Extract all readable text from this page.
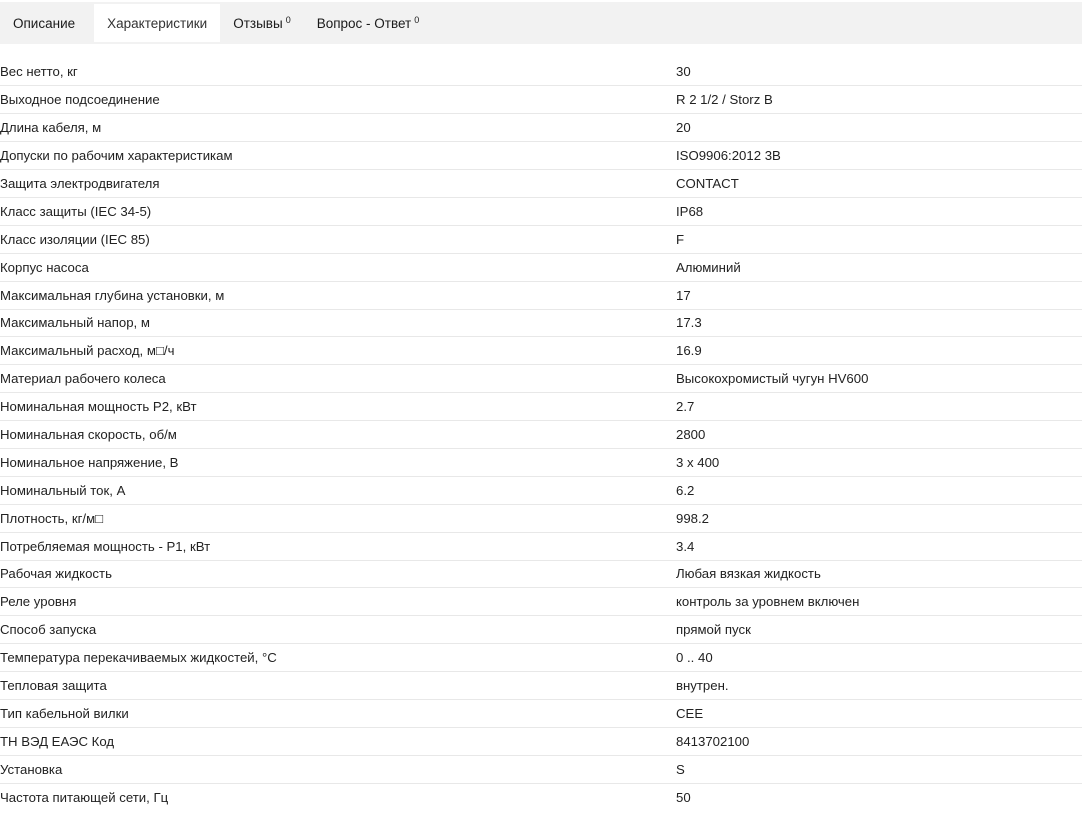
Описание Характеристики Отзывы $^0$ Вопрос - Ответ $^0$
Вес нетто, кг	30
Выходное подсоединение	R 2 1/2 / Storz B
Длина кабеля, м	20
Допуски по рабочим характеристикам	ISO9906:2012 3B
Защита электродвигателя	CONTACT
Класс защиты (IEC 34-5)	IP68
Класс изоляции (IEC 85)	F
Корпус насоса	Алюминий
Максимальная глубина установки, м	17
Максимальный напор, м	17.3
Максимальный расход, м□/ч	16.9
Материал рабочего колеса	Высокохромистый чугун HV600
Номинальная мощность P2, кВт	2.7
Номинальная скорость, об/м	2800
Номинальное напряжение, В	3 x 400
Номинальный ток, А	6.2
Плотность, кг/м□	998.2
Потребляемая мощность - P1, кВт	3.4
Рабочая жидкость	Любая вязкая жидкость
Реле уровня	контроль за уровнем включен
Способ запуска	прямой пуск
Температура перекачиваемых жидкостей, °C	0 .. 40
Тепловая защита	внутрен.
Тип кабельной вилки	CEE
ТН ВЭД ЕАЭС Код	8413702100
Установка	S
Частота питающей сети, Гц	50
